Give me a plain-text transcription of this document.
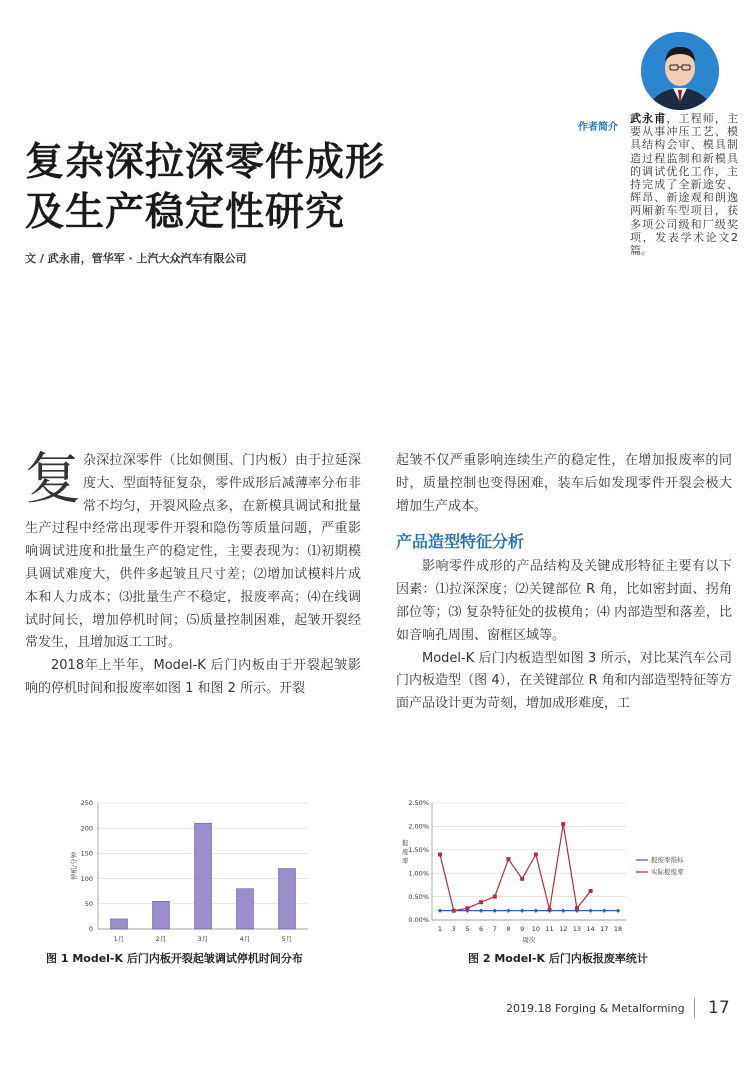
作者简介
武永甫，工程师，主要从事冲压工艺、模具结构会审、模具制造过程监制和新模具的调试优化工作，主持完成了全新途安、辉昂、新途观和朗逸两厢新车型项目，获多项公司级和厂级奖项，发表学术论文2篇。
复杂深拉深零件成形
及生产稳定性研究
文 / 武永甫，管华军 · 上汽大众汽车有限公司

复杂深拉深零件（比如侧围、门内板）由于拉延深度大、型面特征复杂，零件成形后减薄率分布非常不均匀，开裂风险点多，在新模具调试和批量生产过程中经常出现零件开裂和隐伤等质量问题，严重影响调试进度和批量生产的稳定性，主要表现为：⑴初期模具调试难度大，供件多起皱且尺寸差；⑵增加试模料片成本和人力成本；⑶批量生产不稳定，报废率高；⑷在线调试时间长，增加停机时间；⑸质量控制困难，起皱开裂经常发生，且增加返工工时。

2018年上半年，Model-K 后门内板由于开裂起皱影响的停机时间和报废率如图 1 和图 2 所示。开裂

起皱不仅严重影响连续生产的稳定性，在增加报废率的同时，质量控制也变得困难，装车后如发现零件开裂会极大增加生产成本。

产品造型特征分析

影响零件成形的产品结构及关键成形特征主要有以下因素：⑴拉深深度；⑵关键部位 R 角，比如密封面、拐角部位等；⑶ 复杂特征处的拔模角；⑷ 内部造型和落差，比如音响孔周围、窗框区域等。

Model-K 后门内板造型如图 3 所示，对比某汽车公司门内板造型（图 4），在关键部位 R 角和内部造型特征等方面产品设计更为苛刻，增加成形难度，工

0
50
100
150
200
250
停机/分钟
1月	2月	3月	4月	5月
图 1 Model-K 后门内板开裂起皱调试停机时间分布
0.00%
0.50%
1.00%
1.50%
2.00%
2.50%
报废率
1 3 5 6 7 8 9 10 11 12 13 14 17 18
周次
报废率指标
实际报废率
图 2 Model-K 后门内板报废率统计
2019.18 Forging & Metalforming 17
